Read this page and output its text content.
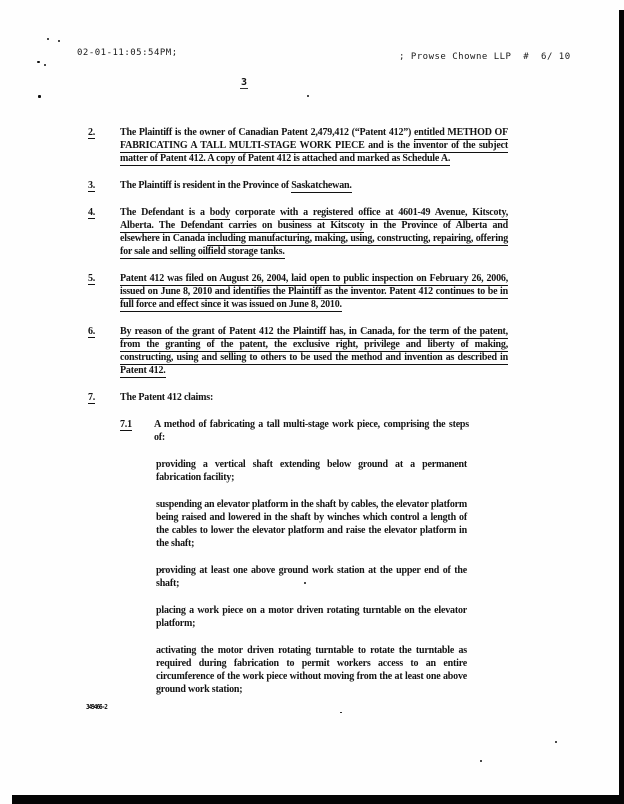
02-01-11:05:54PM;	; Prowse Chowne LLP  #  6/ 10
3
2.	The Plaintiff is the owner of Canadian Patent 2,479,412 (“Patent 412”) entitled METHOD OF FABRICATING A TALL MULTI-STAGE WORK PIECE and is the inventor of the subject matter of Patent 412. A copy of Patent 412 is attached and marked as Schedule A.
3.	The Plaintiff is resident in the Province of Saskatchewan.
4.	The Defendant is a body corporate with a registered office at 4601-49 Avenue, Kitscoty, Alberta. The Defendant carries on business at Kitscoty in the Province of Alberta and elsewhere in Canada including manufacturing, making, using, constructing, repairing, offering for sale and selling oilfield storage tanks.
5.	Patent 412 was filed on August 26, 2004, laid open to public inspection on February 26, 2006, issued on June 8, 2010 and identifies the Plaintiff as the inventor. Patent 412 continues to be in full force and effect since it was issued on June 8, 2010.
6.	By reason of the grant of Patent 412 the Plaintiff has, in Canada, for the term of the patent, from the granting of the patent, the exclusive right, privilege and liberty of making, constructing, using and selling to others to be used the method and invention as described in Patent 412.
7.	The Patent 412 claims:
7.1	A method of fabricating a tall multi-stage work piece, comprising the steps of:
providing a vertical shaft extending below ground at a permanent fabrication facility;
suspending an elevator platform in the shaft by cables, the elevator platform being raised and lowered in the shaft by winches which control a length of the cables to lower the elevator platform and raise the elevator platform in the shaft;
providing at least one above ground work station at the upper end of the shaft;
placing a work piece on a motor driven rotating turntable on the elevator platform;
activating the motor driven rotating turntable to rotate the turntable as required during fabrication to permit workers access to an entire circumference of the work piece without moving from the at least one above ground work station;
349466-2
